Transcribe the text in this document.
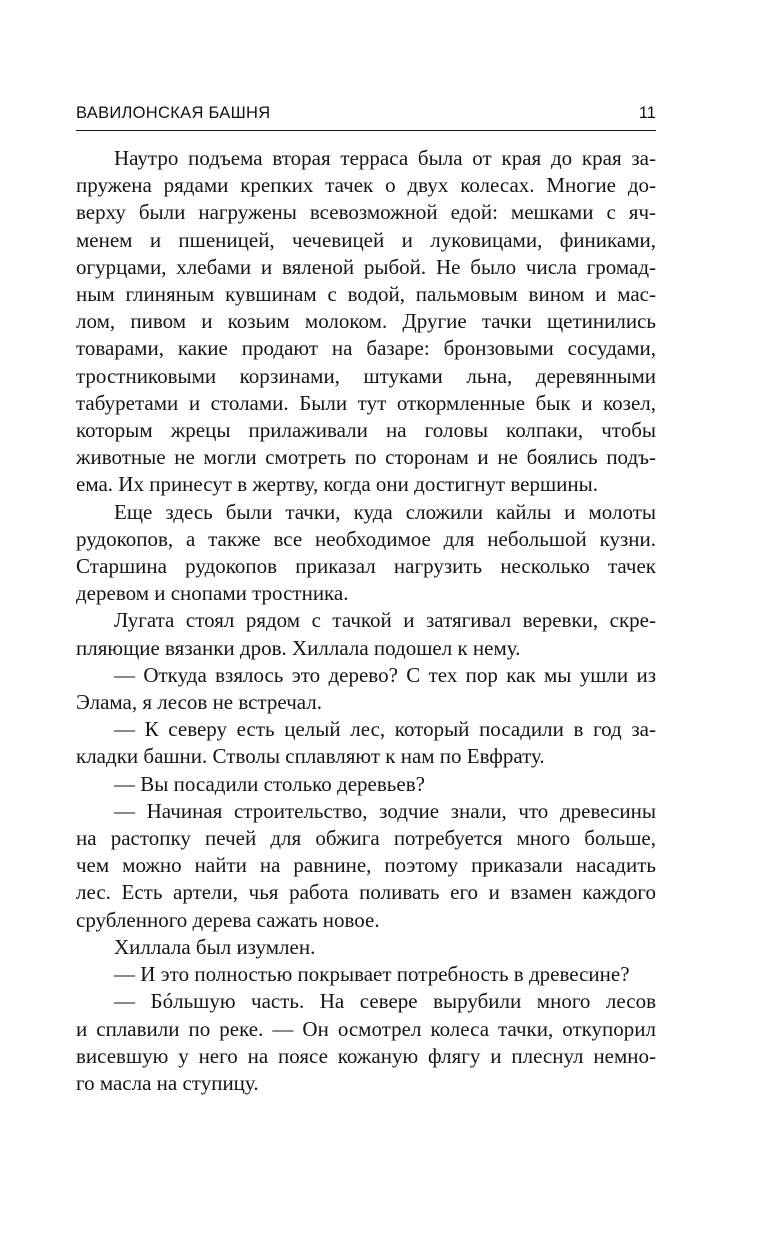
ВАВИЛОНСКАЯ БАШНЯ	11

Наутро подъема вторая терраса была от края до края за-
пружена рядами крепких тачек о двух колесах. Многие до-
верху были нагружены всевозможной едой: мешками с яч-
менем и пшеницей, чечевицей и луковицами, финиками,
огурцами, хлебами и вяленой рыбой. Не было числа громад-
ным глиняным кувшинам с водой, пальмовым вином и мас-
лом, пивом и козьим молоком. Другие тачки щетинились
товарами, какие продают на базаре: бронзовыми сосудами,
тростниковыми корзинами, штуками льна, деревянными
табуретами и столами. Были тут откормленные бык и козел,
которым жрецы прилаживали на головы колпаки, чтобы
животные не могли смотреть по сторонам и не боялись подъ-
ема. Их принесут в жертву, когда они достигнут вершины.

Еще здесь были тачки, куда сложили кайлы и молоты
рудокопов, а также все необходимое для небольшой кузни.
Старшина рудокопов приказал нагрузить несколько тачек
деревом и снопами тростника.

Лугата стоял рядом с тачкой и затягивал веревки, скре-
пляющие вязанки дров. Хиллала подошел к нему.

— Откуда взялось это дерево? С тех пор как мы ушли из
Элама, я лесов не встречал.

— К северу есть целый лес, который посадили в год за-
кладки башни. Стволы сплавляют к нам по Евфрату.

— Вы посадили столько деревьев?

— Начиная строительство, зодчие знали, что древесины
на растопку печей для обжига потребуется много больше,
чем можно найти на равнине, поэтому приказали насадить
лес. Есть артели, чья работа поливать его и взамен каждого
срубленного дерева сажать новое.

Хиллала был изумлен.

— И это полностью покрывает потребность в древесине?

— Бóльшую часть. На севере вырубили много лесов
и сплавили по реке. — Он осмотрел колеса тачки, откупорил
висевшую у него на поясе кожаную флягу и плеснул немно-
го масла на ступицу.
